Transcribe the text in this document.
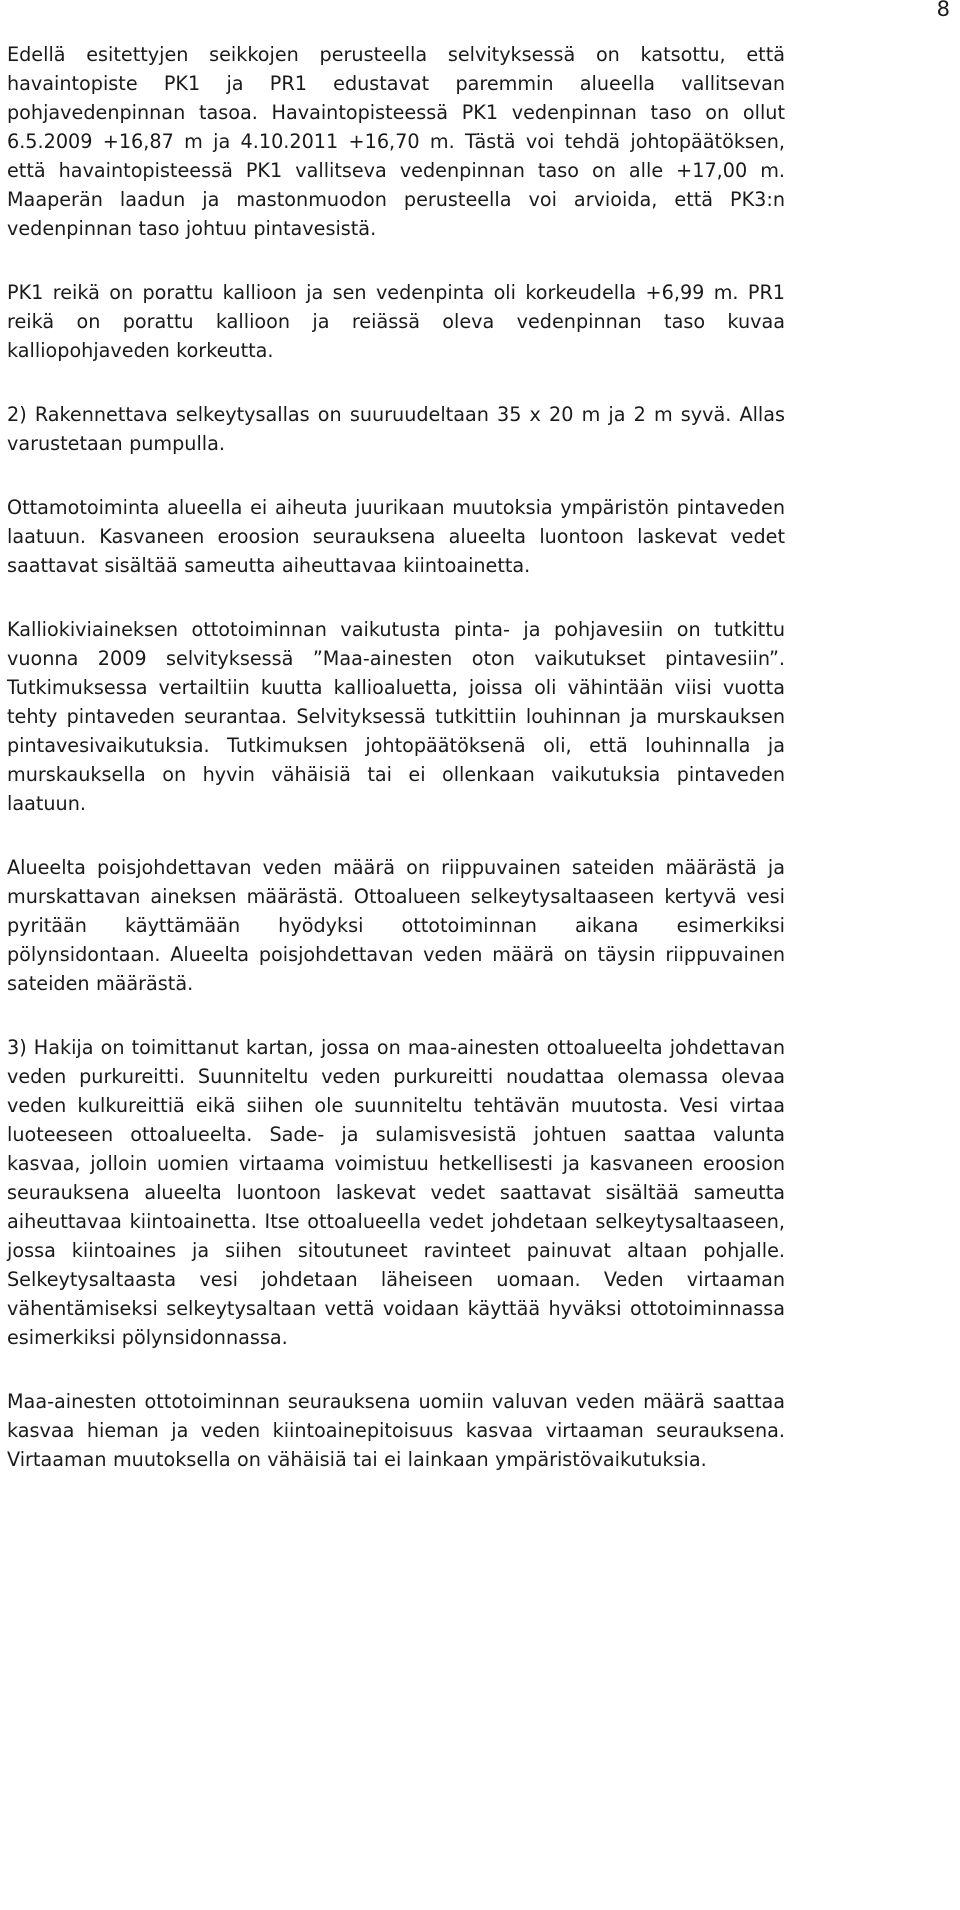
8

Edellä esitettyjen seikkojen perusteella selvityksessä on katsottu, että havaintopiste PK1 ja PR1 edustavat paremmin alueella vallitsevan pohjavedenpinnan tasoa. Havaintopisteessä PK1 vedenpinnan taso on ollut 6.5.2009 +16,87 m ja 4.10.2011 +16,70 m. Tästä voi tehdä johtopäätöksen, että havaintopisteessä PK1 vallitseva vedenpinnan taso on alle +17,00 m. Maaperän laadun ja mastonmuodon perusteella voi arvioida, että PK3:n vedenpinnan taso johtuu pintavesistä.

PK1 reikä on porattu kallioon ja sen vedenpinta oli korkeudella +6,99 m. PR1 reikä on porattu kallioon ja reiässä oleva vedenpinnan taso kuvaa kalliopohjaveden korkeutta.

2) Rakennettava selkeytysallas on suuruudeltaan 35 x 20 m ja 2 m syvä. Allas varustetaan pumpulla.

Ottamotoiminta alueella ei aiheuta juurikaan muutoksia ympäristön pintaveden laatuun. Kasvaneen eroosion seurauksena alueelta luontoon laskevat vedet saattavat sisältää sameutta aiheuttavaa kiintoainetta.

Kalliokiviaineksen ottotoiminnan vaikutusta pinta- ja pohjavesiin on tutkittu vuonna 2009 selvityksessä ”Maa-ainesten oton vaikutukset pintavesiin”. Tutkimuksessa vertailtiin kuutta kallioaluetta, joissa oli vähintään viisi vuotta tehty pintaveden seurantaa. Selvityksessä tutkittiin louhinnan ja murskauksen pintavesivaikutuksia. Tutkimuksen johtopäätöksenä oli, että louhinnalla ja murskauksella on hyvin vähäisiä tai ei ollenkaan vaikutuksia pintaveden laatuun.

Alueelta poisjohdettavan veden määrä on riippuvainen sateiden määrästä ja murskattavan aineksen määrästä. Ottoalueen selkeytysaltaaseen kertyvä vesi pyritään käyttämään hyödyksi ottotoiminnan aikana esimerkiksi pölynsidontaan. Alueelta poisjohdettavan veden määrä on täysin riippuvainen sateiden määrästä.

3) Hakija on toimittanut kartan, jossa on maa-ainesten ottoalueelta johdettavan veden purkureitti. Suunniteltu veden purkureitti noudattaa olemassa olevaa veden kulkureittiä eikä siihen ole suunniteltu tehtävän muutosta. Vesi virtaa luoteeseen ottoalueelta. Sade- ja sulamisvesistä johtuen saattaa valunta kasvaa, jolloin uomien virtaama voimistuu hetkellisesti ja kasvaneen eroosion seurauksena alueelta luontoon laskevat vedet saattavat sisältää sameutta aiheuttavaa kiintoainetta. Itse ottoalueella vedet johdetaan selkeytysaltaaseen, jossa kiintoaines ja siihen sitoutuneet ravinteet painuvat altaan pohjalle. Selkeytysaltaasta vesi johdetaan läheiseen uomaan. Veden virtaaman vähentämiseksi selkeytysaltaan vettä voidaan käyttää hyväksi ottotoiminnassa esimerkiksi pölynsidonnassa.

Maa-ainesten ottotoiminnan seurauksena uomiin valuvan veden määrä saattaa kasvaa hieman ja veden kiintoainepitoisuus kasvaa virtaaman seurauksena. Virtaaman muutoksella on vähäisiä tai ei lainkaan ympäristövaikutuksia.
